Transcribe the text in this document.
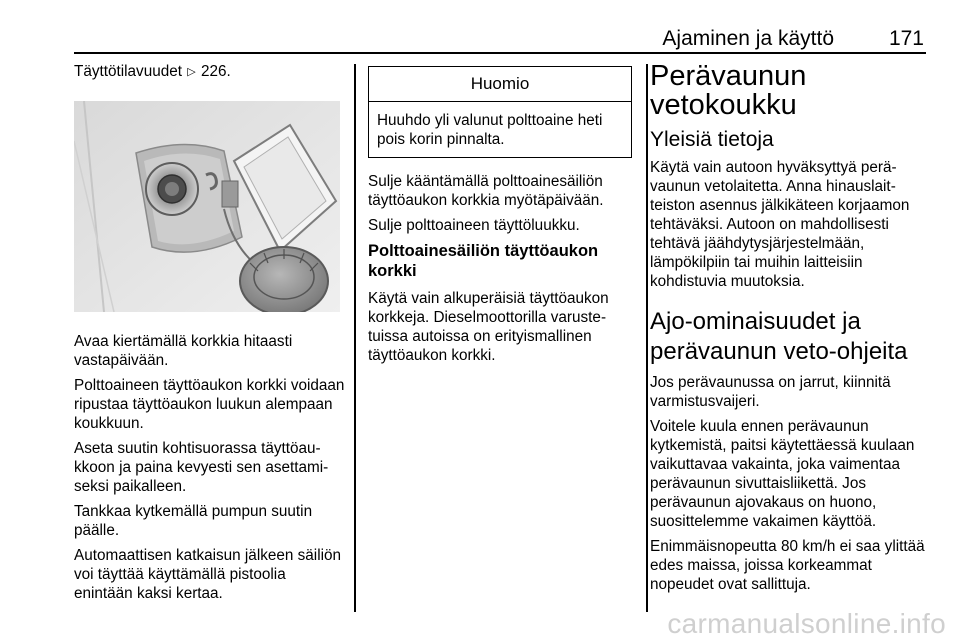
Ajaminen ja käyttö	171

Täyttötilavuudet ▷ 226.

Avaa kiertämällä korkkia hitaasti vastapäivään.

Polttoaineen täyttöaukon korkki voidaan ripustaa täyttöaukon luukun alempaan koukkuun.

Aseta suutin kohtisuorassa täyttöaukkoon ja paina kevyesti sen asettamiseksi paikalleen.

Tankkaa kytkemällä pumpun suutin päälle.

Automaattisen katkaisun jälkeen säiliön voi täyttää käyttämällä pistoolia enintään kaksi kertaa.

Huomio

Huuhdo yli valunut polttoaine heti pois korin pinnalta.

Sulje kääntämällä polttoainesäiliön täyttöaukon korkkia myötäpäivään.

Sulje polttoaineen täyttöluukku.

Polttoainesäiliön täyttöaukon korkki

Käytä vain alkuperäisiä täyttöaukon korkkeja. Dieselmoottorilla varustetuissa autoissa on erityismallinen täyttöaukon korkki.

Perävaunun vetokoukku
Yleisiä tietoja

Käytä vain autoon hyväksyttyä perävaunun vetolaitetta. Anna hinauslaitteiston asennus jälkikäteen korjaamon tehtäväksi. Autoon on mahdollisesti tehtävä jäähdytysjärjestelmään, lämpökilpiin tai muihin laitteisiin kohdistuvia muutoksia.

Ajo-ominaisuudet ja perävaunun veto-ohjeita

Jos perävaunussa on jarrut, kiinnitä varmistusvaijeri.

Voitele kuula ennen perävaunun kytkemistä, paitsi käytettäessä kuulaan vaikuttavaa vakainta, joka vaimentaa perävaunun sivuttaisliikettä. Jos perävaunun ajovakaus on huono, suosittelemme vakaimen käyttöä.

Enimmäisnopeutta 80 km/h ei saa ylittää edes maissa, joissa korkeammat nopeudet ovat sallittuja.

carmanualsonline.info
